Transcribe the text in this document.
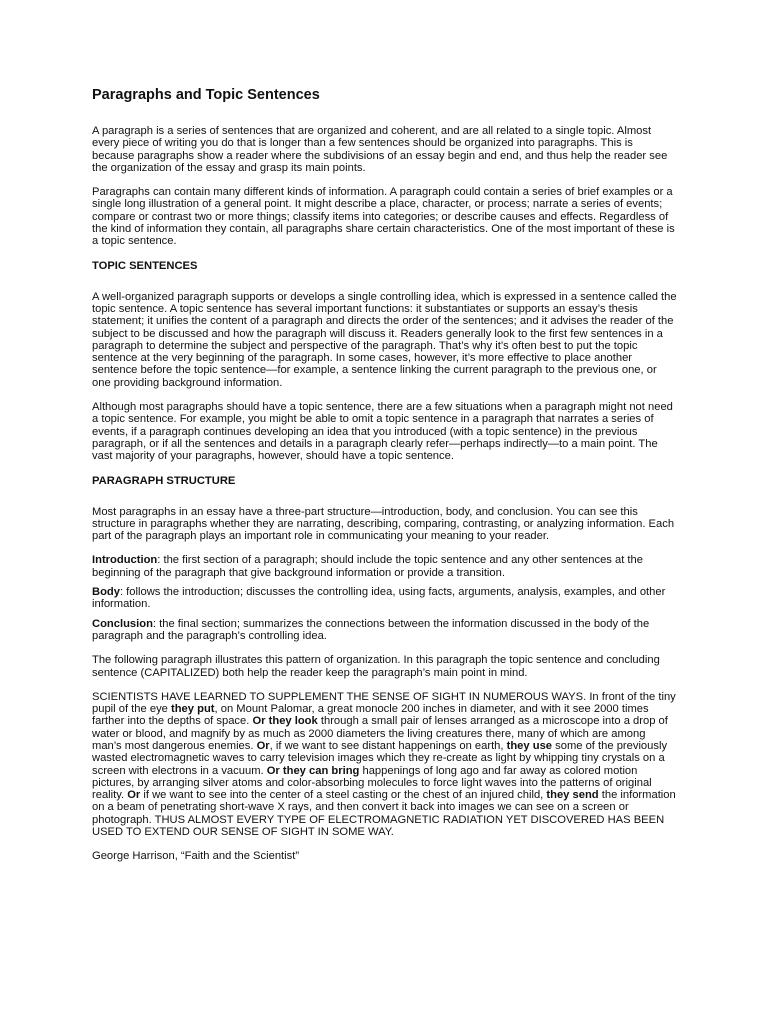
Paragraphs and Topic Sentences

A paragraph is a series of sentences that are organized and coherent, and are all related to a single topic. Almost every piece of writing you do that is longer than a few sentences should be organized into paragraphs. This is because paragraphs show a reader where the subdivisions of an essay begin and end, and thus help the reader see the organization of the essay and grasp its main points.

Paragraphs can contain many different kinds of information. A paragraph could contain a series of brief examples or a single long illustration of a general point. It might describe a place, character, or process; narrate a series of events; compare or contrast two or more things; classify items into categories; or describe causes and effects. Regardless of the kind of information they contain, all paragraphs share certain characteristics. One of the most important of these is a topic sentence.

TOPIC SENTENCES

A well-organized paragraph supports or develops a single controlling idea, which is expressed in a sentence called the topic sentence. A topic sentence has several important functions: it substantiates or supports an essay’s thesis statement; it unifies the content of a paragraph and directs the order of the sentences; and it advises the reader of the subject to be discussed and how the paragraph will discuss it. Readers generally look to the first few sentences in a paragraph to determine the subject and perspective of the paragraph. That’s why it’s often best to put the topic sentence at the very beginning of the paragraph. In some cases, however, it’s more effective to place another sentence before the topic sentence—for example, a sentence linking the current paragraph to the previous one, or one providing background information.

Although most paragraphs should have a topic sentence, there are a few situations when a paragraph might not need a topic sentence. For example, you might be able to omit a topic sentence in a paragraph that narrates a series of events, if a paragraph continues developing an idea that you introduced (with a topic sentence) in the previous paragraph, or if all the sentences and details in a paragraph clearly refer—perhaps indirectly—to a main point. The vast majority of your paragraphs, however, should have a topic sentence.

PARAGRAPH STRUCTURE

Most paragraphs in an essay have a three-part structure—introduction, body, and conclusion. You can see this structure in paragraphs whether they are narrating, describing, comparing, contrasting, or analyzing information. Each part of the paragraph plays an important role in communicating your meaning to your reader.

Introduction: the first section of a paragraph; should include the topic sentence and any other sentences at the beginning of the paragraph that give background information or provide a transition.

Body: follows the introduction; discusses the controlling idea, using facts, arguments, analysis, examples, and other information.

Conclusion: the final section; summarizes the connections between the information discussed in the body of the paragraph and the paragraph’s controlling idea.

The following paragraph illustrates this pattern of organization. In this paragraph the topic sentence and concluding sentence (CAPITALIZED) both help the reader keep the paragraph’s main point in mind.

SCIENTISTS HAVE LEARNED TO SUPPLEMENT THE SENSE OF SIGHT IN NUMEROUS WAYS. In front of the tiny pupil of the eye they put, on Mount Palomar, a great monocle 200 inches in diameter, and with it see 2000 times farther into the depths of space. Or they look through a small pair of lenses arranged as a microscope into a drop of water or blood, and magnify by as much as 2000 diameters the living creatures there, many of which are among man’s most dangerous enemies. Or, if we want to see distant happenings on earth, they use some of the previously wasted electromagnetic waves to carry television images which they re-create as light by whipping tiny crystals on a screen with electrons in a vacuum. Or they can bring happenings of long ago and far away as colored motion pictures, by arranging silver atoms and color-absorbing molecules to force light waves into the patterns of original reality. Or if we want to see into the center of a steel casting or the chest of an injured child, they send the information on a beam of penetrating short-wave X rays, and then convert it back into images we can see on a screen or photograph. THUS ALMOST EVERY TYPE OF ELECTROMAGNETIC RADIATION YET DISCOVERED HAS BEEN USED TO EXTEND OUR SENSE OF SIGHT IN SOME WAY.

George Harrison, “Faith and the Scientist”
